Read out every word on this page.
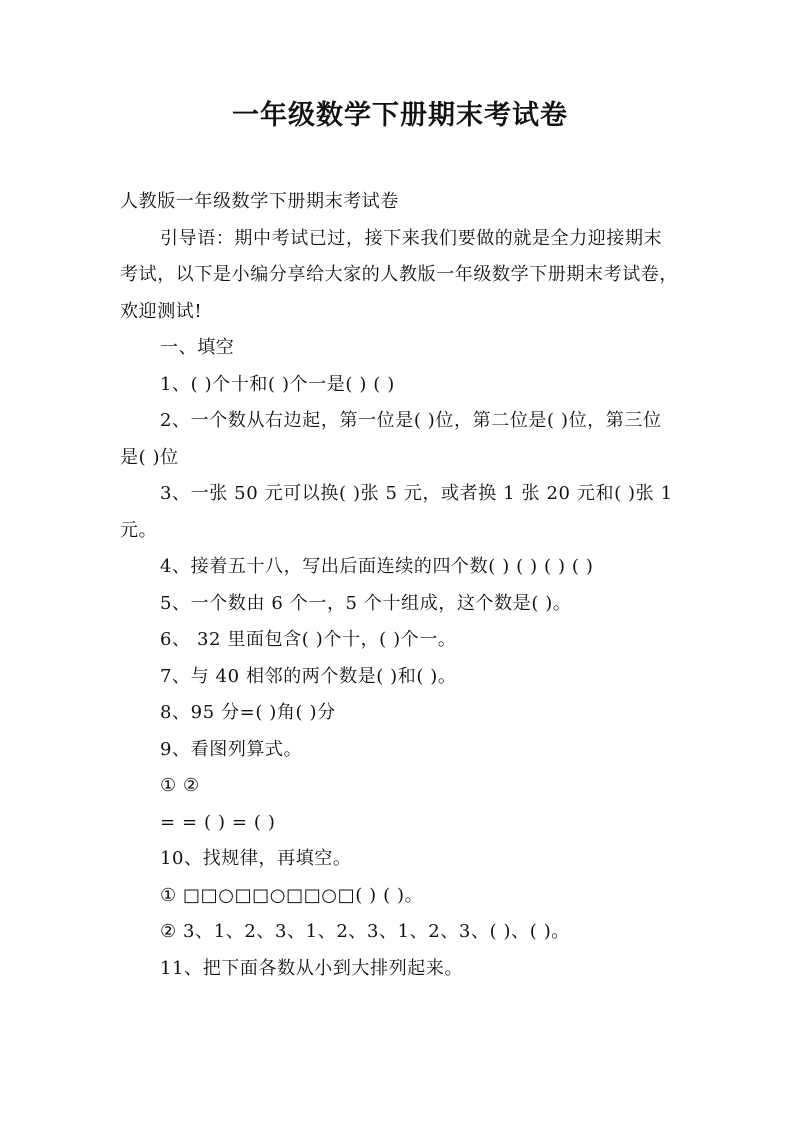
一年级数学下册期末考试卷

人教版一年级数学下册期末考试卷

引导语：期中考试已过，接下来我们要做的就是全力迎接期末考试，以下是小编分享给大家的人教版一年级数学下册期末考试卷，欢迎测试!

一、填空

1、( )个十和( )个一是( ) ( )

2、一个数从右边起，第一位是( )位，第二位是( )位，第三位是( )位

3、一张 50 元可以换( )张 5 元，或者换 1 张 20 元和( )张 1 元。

4、接着五十八，写出后面连续的四个数( ) ( ) ( ) ( )

5、一个数由 6 个一，5 个十组成，这个数是( )。

6、 32 里面包含( )个十，( )个一。

7、与 40 相邻的两个数是( )和( )。

8、95 分=( )角( )分

9、看图列算式。

① ②

= = ( ) = ( )

10、找规律，再填空。

① □□○□□○□□○□( ) ( )。

② 3、1、2、3、1、2、3、1、2、3、( )、( )。

11、把下面各数从小到大排列起来。
